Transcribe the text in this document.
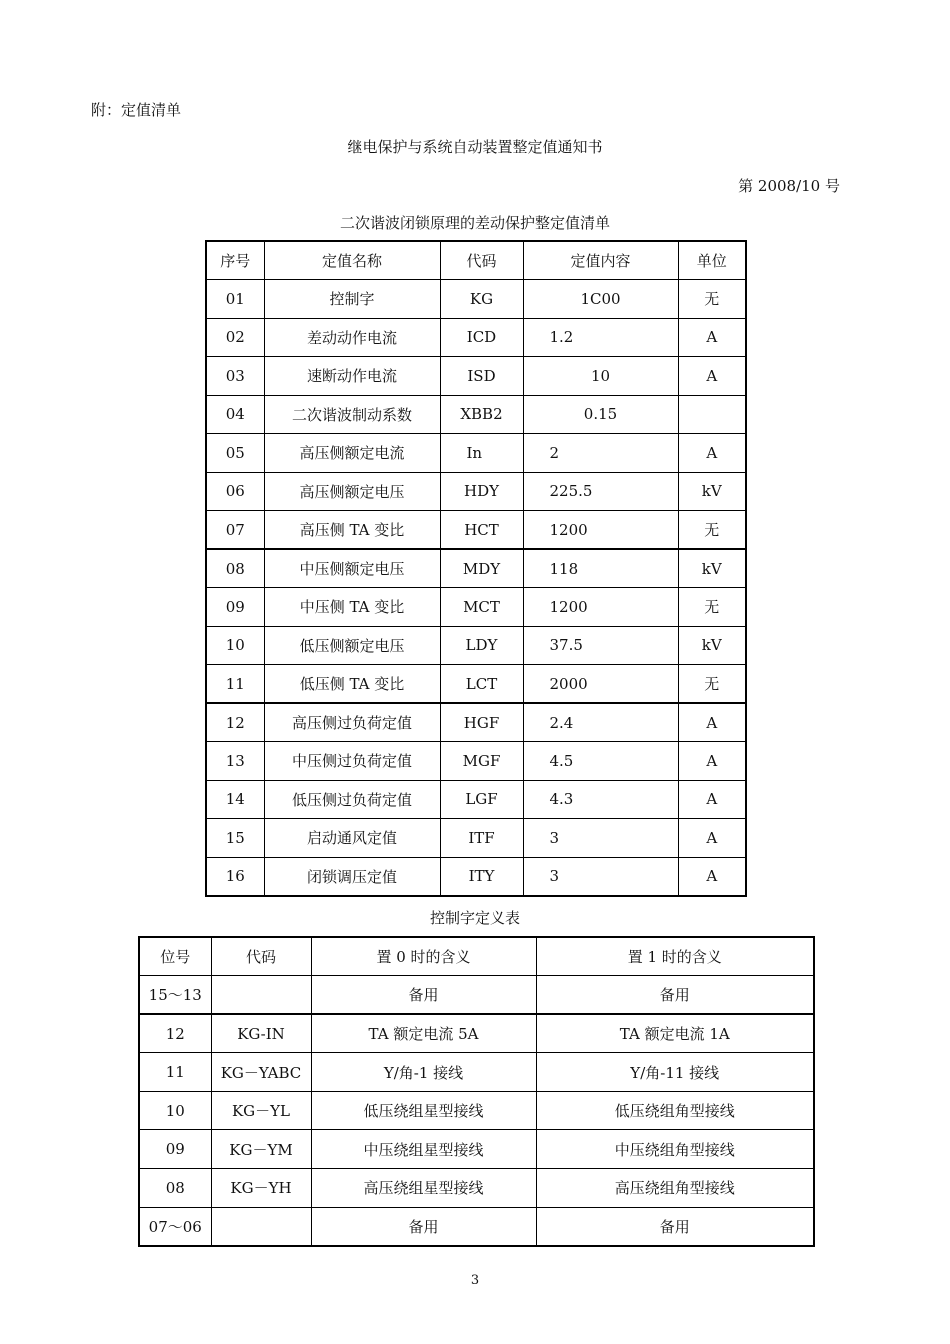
附：定值清单
继电保护与系统自动装置整定值通知书
第 2008/10 号
二次谐波闭锁原理的差动保护整定值清单
序号	定值名称	代码	定值内容	单位
01	控制字	KG	1C00	无
02	差动动作电流	ICD	1.2	A
03	速断动作电流	ISD	10	A
04	二次谐波制动系数	XBB2	0.15	
05	高压侧额定电流	In	2	A
06	高压侧额定电压	HDY	225.5	kV
07	高压侧 TA 变比	HCT	1200	无
08	中压侧额定电压	MDY	118	kV
09	中压侧 TA 变比	MCT	1200	无
10	低压侧额定电压	LDY	37.5	kV
11	低压侧 TA 变比	LCT	2000	无
12	高压侧过负荷定值	HGF	2.4	A
13	中压侧过负荷定值	MGF	4.5	A
14	低压侧过负荷定值	LGF	4.3	A
15	启动通风定值	ITF	3	A
16	闭锁调压定值	ITY	3	A
控制字定义表
位号	代码	置 0 时的含义	置 1 时的含义
15～13		备用	备用
12	KG-IN	TA 额定电流 5A	TA 额定电流 1A
11	KG－YABC	Y/角-1 接线	Y/角-11 接线
10	KG－YL	低压绕组星型接线	低压绕组角型接线
09	KG－YM	中压绕组星型接线	中压绕组角型接线
08	KG－YH	高压绕组星型接线	高压绕组角型接线
07～06		备用	备用
3
